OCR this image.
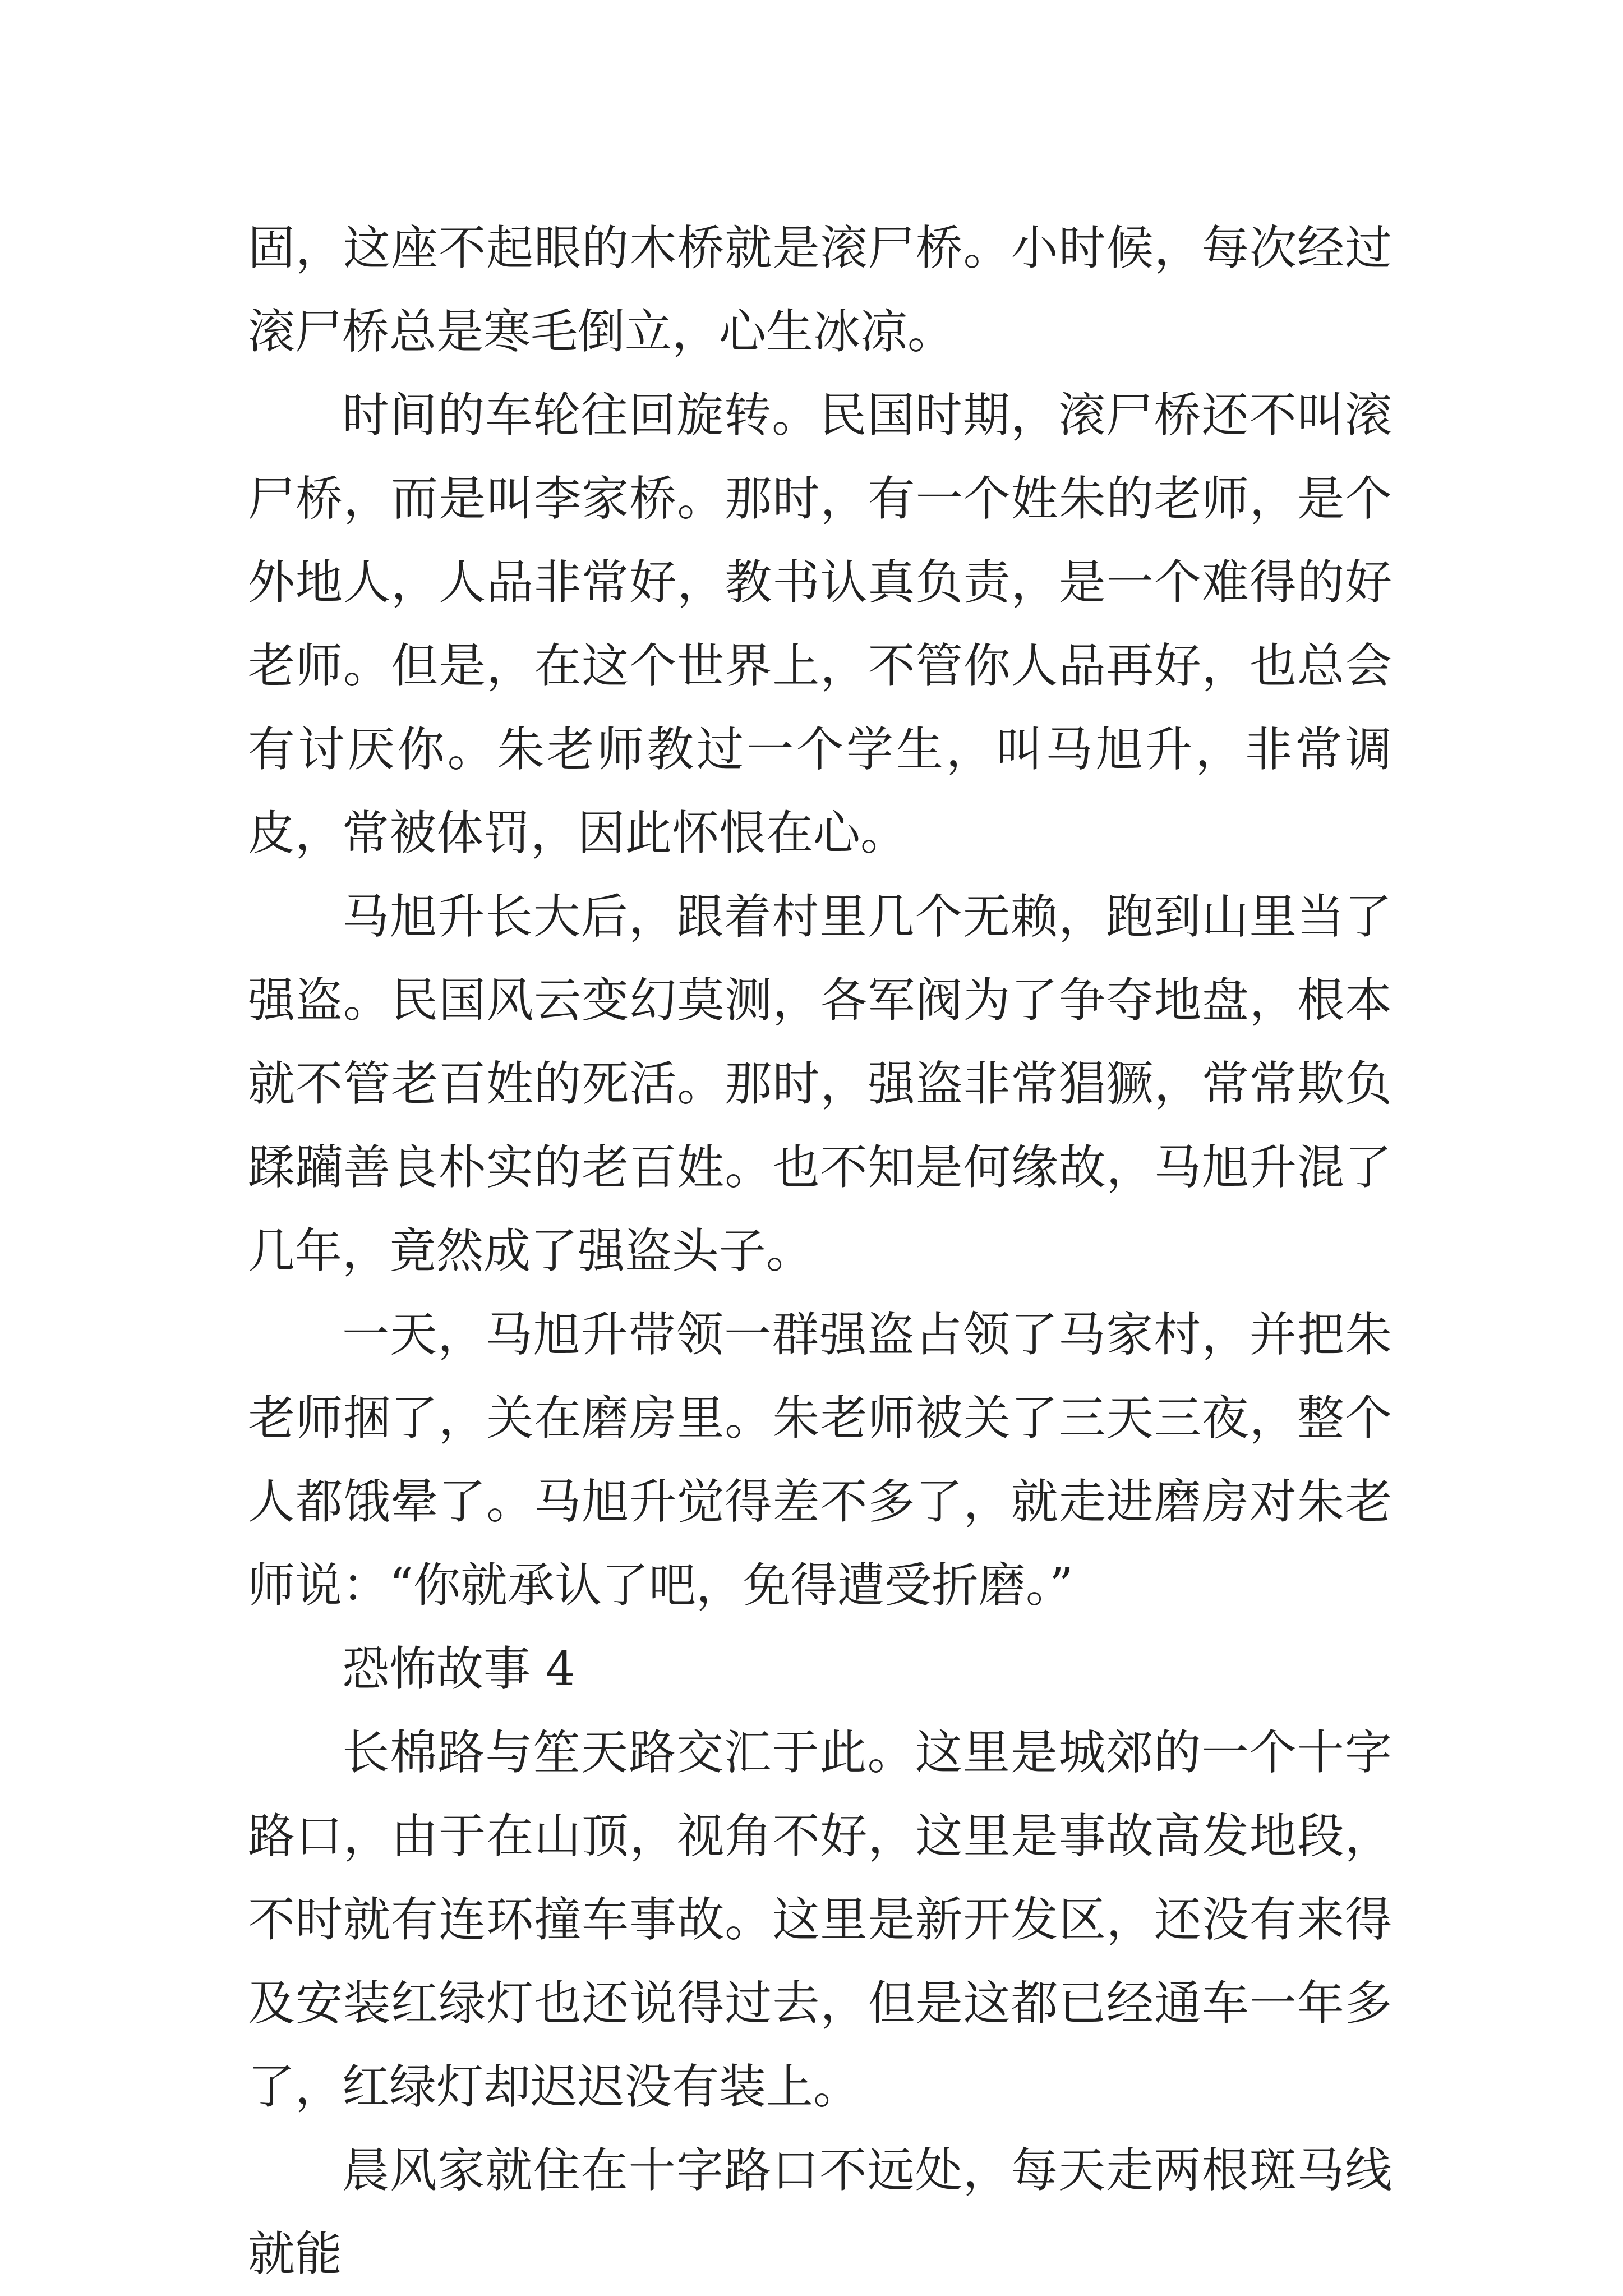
固，这座不起眼的木桥就是滚尸桥。小时候，每次经过滚尸桥总是寒毛倒立，心生冰凉。

时间的车轮往回旋转。民国时期，滚尸桥还不叫滚尸桥，而是叫李家桥。那时，有一个姓朱的老师，是个外地人，人品非常好，教书认真负责，是一个难得的好老师。但是，在这个世界上，不管你人品再好，也总会有讨厌你。朱老师教过一个学生，叫马旭升，非常调皮，常被体罚，因此怀恨在心。

马旭升长大后，跟着村里几个无赖，跑到山里当了强盗。民国风云变幻莫测，各军阀为了争夺地盘，根本就不管老百姓的死活。那时，强盗非常猖獗，常常欺负蹂躏善良朴实的老百姓。也不知是何缘故，马旭升混了几年，竟然成了强盗头子。

一天，马旭升带领一群强盗占领了马家村，并把朱老师捆了，关在磨房里。朱老师被关了三天三夜，整个人都饿晕了。马旭升觉得差不多了，就走进磨房对朱老师说：“你就承认了吧，免得遭受折磨。”

恐怖故事 4

长棉路与笙天路交汇于此。这里是城郊的一个十字路口，由于在山顶，视角不好，这里是事故高发地段，不时就有连环撞车事故。这里是新开发区，还没有来得及安装红绿灯也还说得过去，但是这都已经通车一年多了，红绿灯却迟迟没有装上。

晨风家就住在十字路口不远处，每天走两根斑马线就能
